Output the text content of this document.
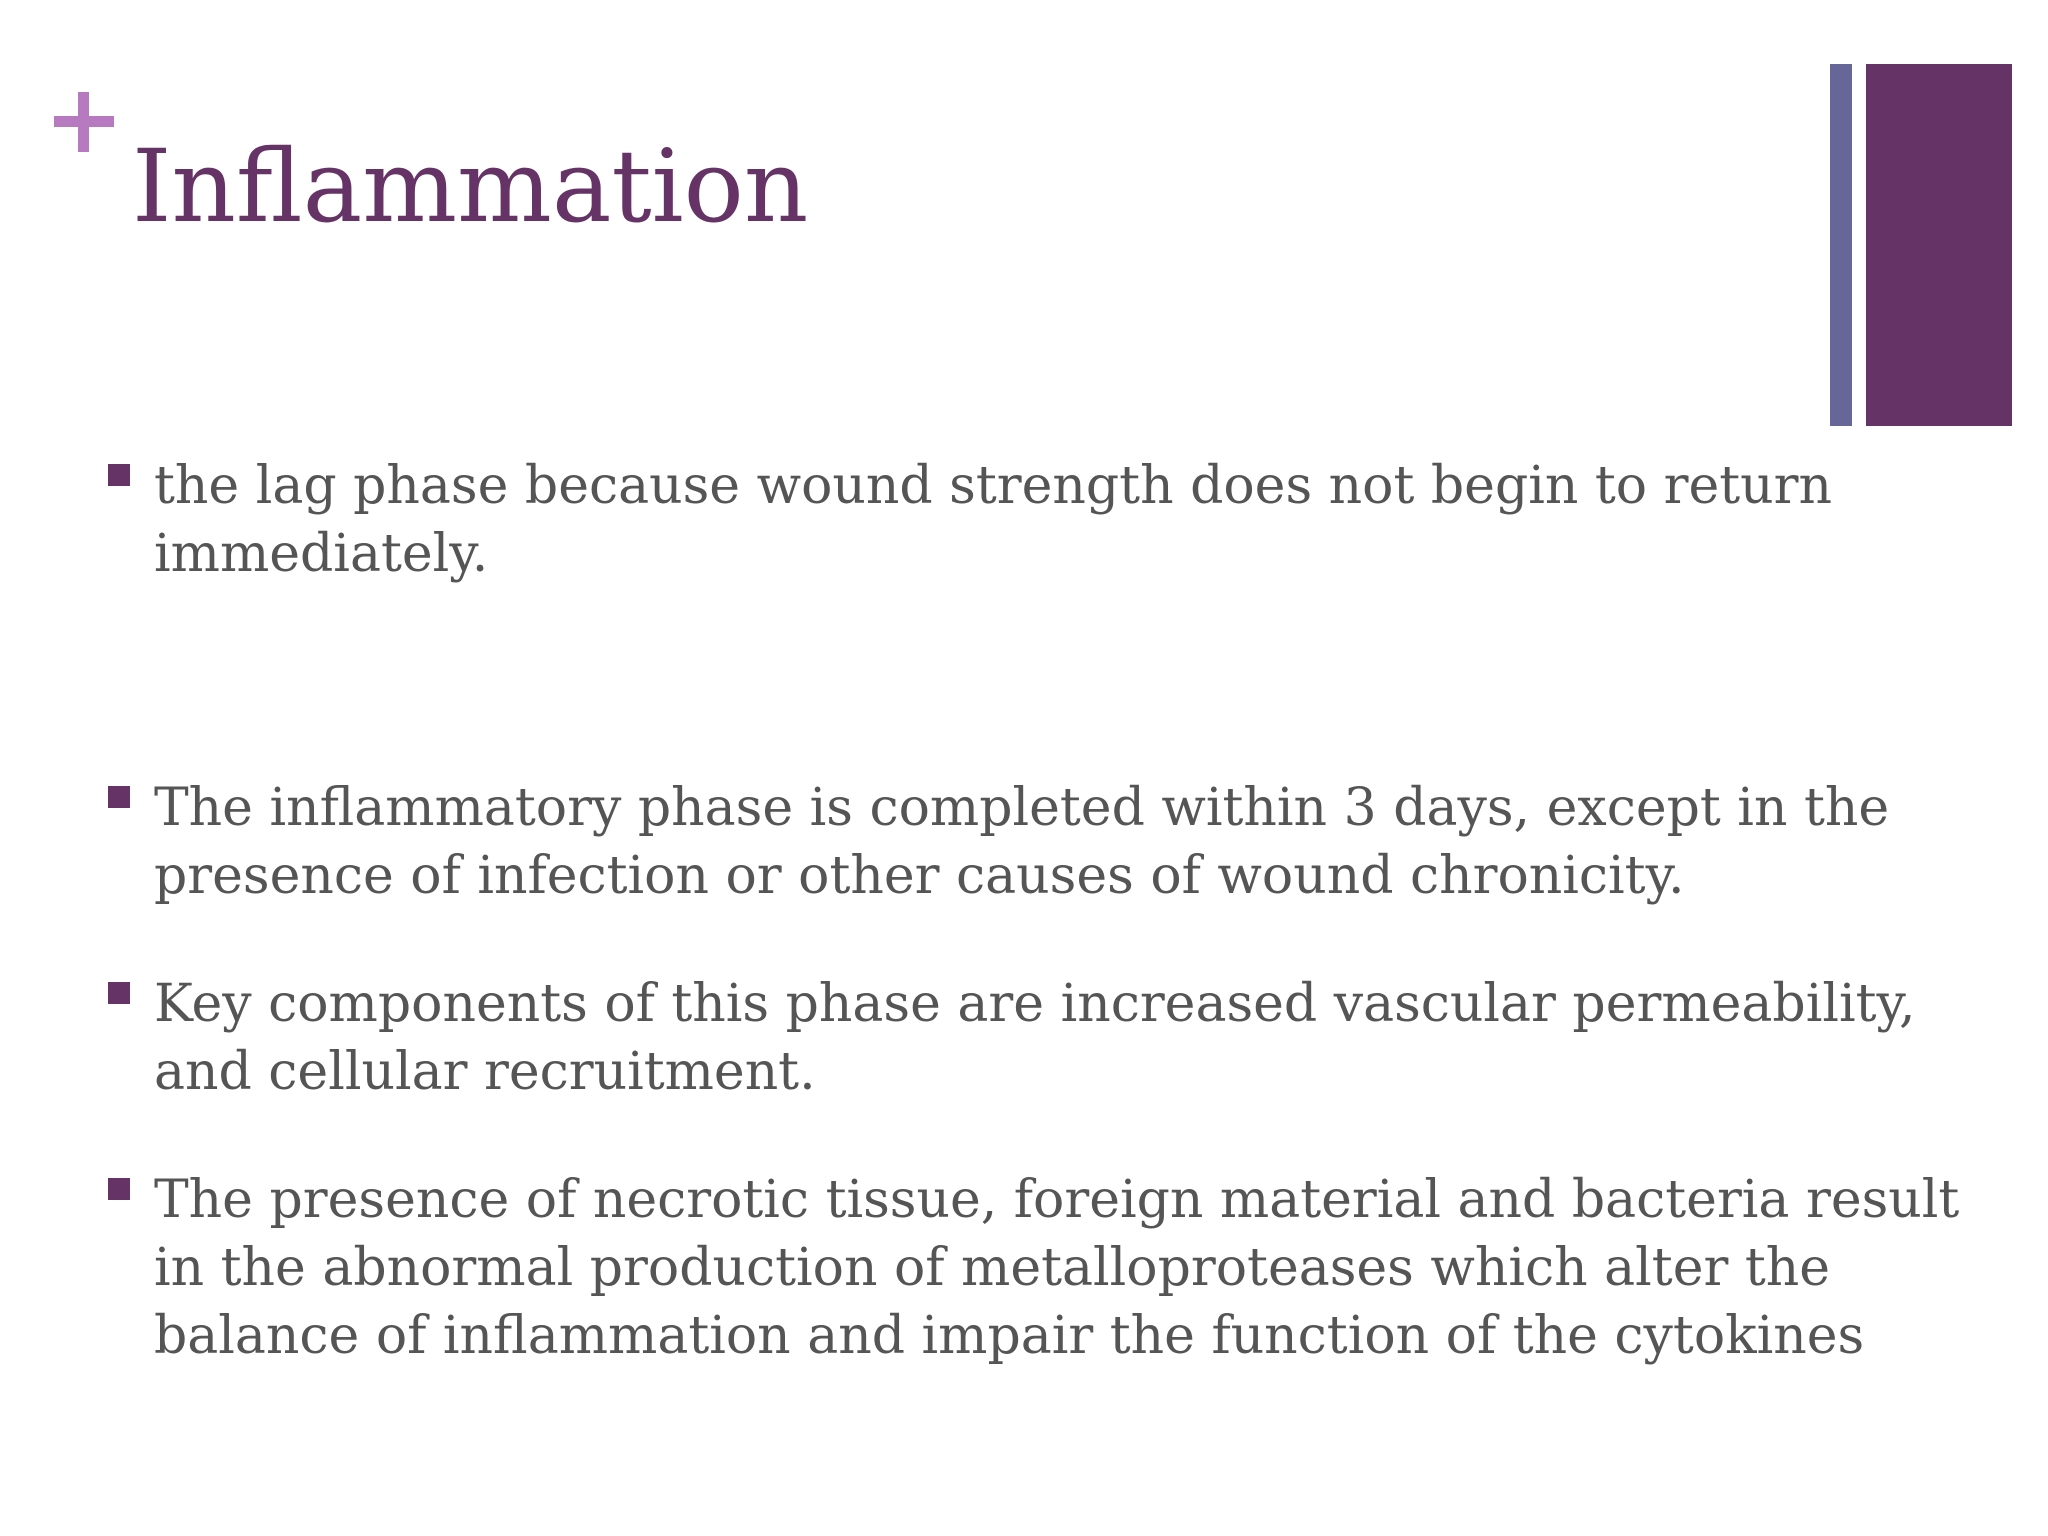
Inflammation
the lag phase because wound strength does not begin to return immediately.
The inflammatory phase is completed within 3 days, except in the presence of infection or other causes of wound chronicity.
Key components of this phase are increased vascular permeability, and cellular recruitment.
The presence of necrotic tissue, foreign material and bacteria result in the abnormal production of metalloproteases which alter the balance of inflammation and impair the function of the cytokines
